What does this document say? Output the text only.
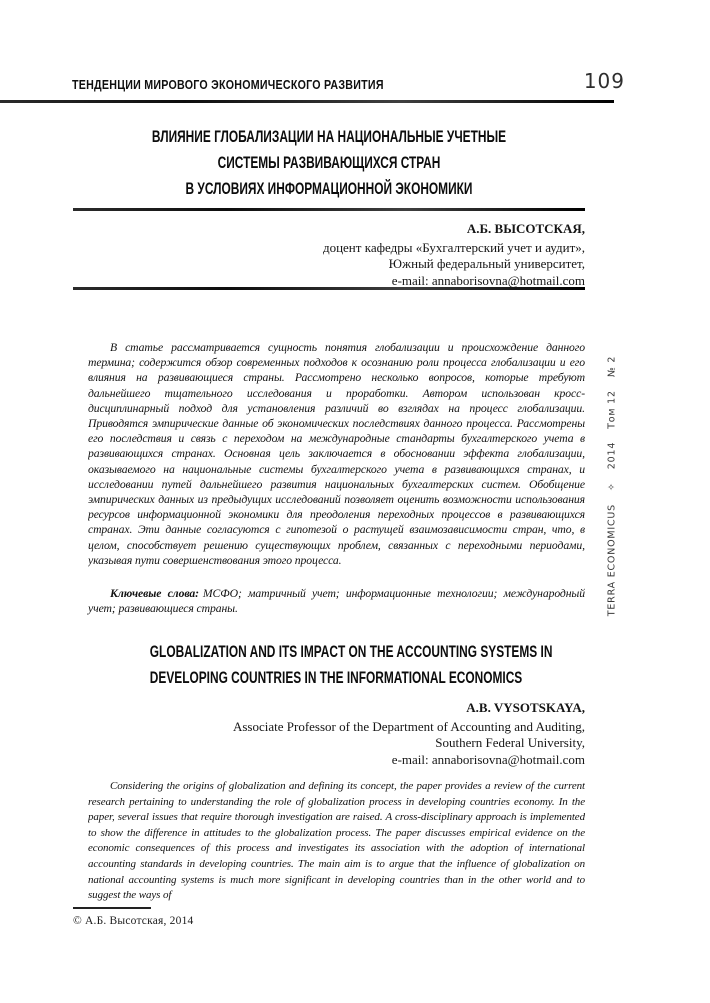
ТЕНДЕНЦИИ МИРОВОГО ЭКОНОМИЧЕСКОГО РАЗВИТИЯ	109
ВЛИЯНИЕ ГЛОБАЛИЗАЦИИ НА НАЦИОНАЛЬНЫЕ УЧЕТНЫЕ
СИСТЕМЫ РАЗВИВАЮЩИХСЯ СТРАН
В УСЛОВИЯХ ИНФОРМАЦИОННОЙ ЭКОНОМИКИ
А.Б. ВЫСОТСКАЯ,
доцент кафедры «Бухгалтерский учет и аудит»,
Южный федеральный университет,
e-mail: annaborisovna@hotmail.com
В статье рассматривается сущность понятия глобализации и происхождение данного термина; содержится обзор современных подходов к осознанию роли процесса глобализации и его влияния на развивающиеся страны. Рассмотрено несколько вопросов, которые требуют дальнейшего тщательного исследования и проработки. Автором использован кросс-дисциплинарный подход для установления различий во взглядах на процесс глобализации. Приводятся эмпирические данные об экономических последствиях данного процесса. Рассмотрены его последствия и связь с переходом на международные стандарты бухгалтерского учета в развивающихся странах. Основная цель заключается в обосновании эффекта глобализации, оказываемого на национальные системы бухгалтерского учета в развивающихся странах, и исследовании путей дальнейшего развития национальных бухгалтерских систем. Обобщение эмпирических данных из предыдущих исследований позволяет оценить возможности использования ресурсов информационной экономики для преодоления переходных процессов в развивающихся странах. Эти данные согласуются с гипотезой о растущей взаимозависимости стран, что, в целом, способствует решению существующих проблем, связанных с переходными периодами, указывая пути совершенствования этого процесса.
Ключевые слова: МСФО; матричный учет; информационные технологии; международный учет; развивающиеся страны.
GLOBALIZATION AND ITS IMPACT ON THE ACCOUNTING SYSTEMS IN
DEVELOPING COUNTRIES IN THE INFORMATIONAL ECONOMICS
A.B. VYSOTSKAYA,
Associate Professor of the Department of Accounting and Auditing,
Southern Federal University,
e-mail: annaborisovna@hotmail.com
Considering the origins of globalization and defining its concept, the paper provides a review of the current research pertaining to understanding the role of globalization process in developing countries economy. In the paper, several issues that require thorough investigation are raised. A cross-disciplinary approach is implemented to show the difference in attitudes to the globalization process. The paper discusses empirical evidence on the economic consequences of this process and investigates its association with the adoption of international accounting standards in developing countries. The main aim is to argue that the influence of globalization on national accounting systems is much more significant in developing countries than in the other world and to suggest the ways of
© А.Б. Высотская, 2014
TERRA ECONOMICUS✧2014Том 12№ 2
